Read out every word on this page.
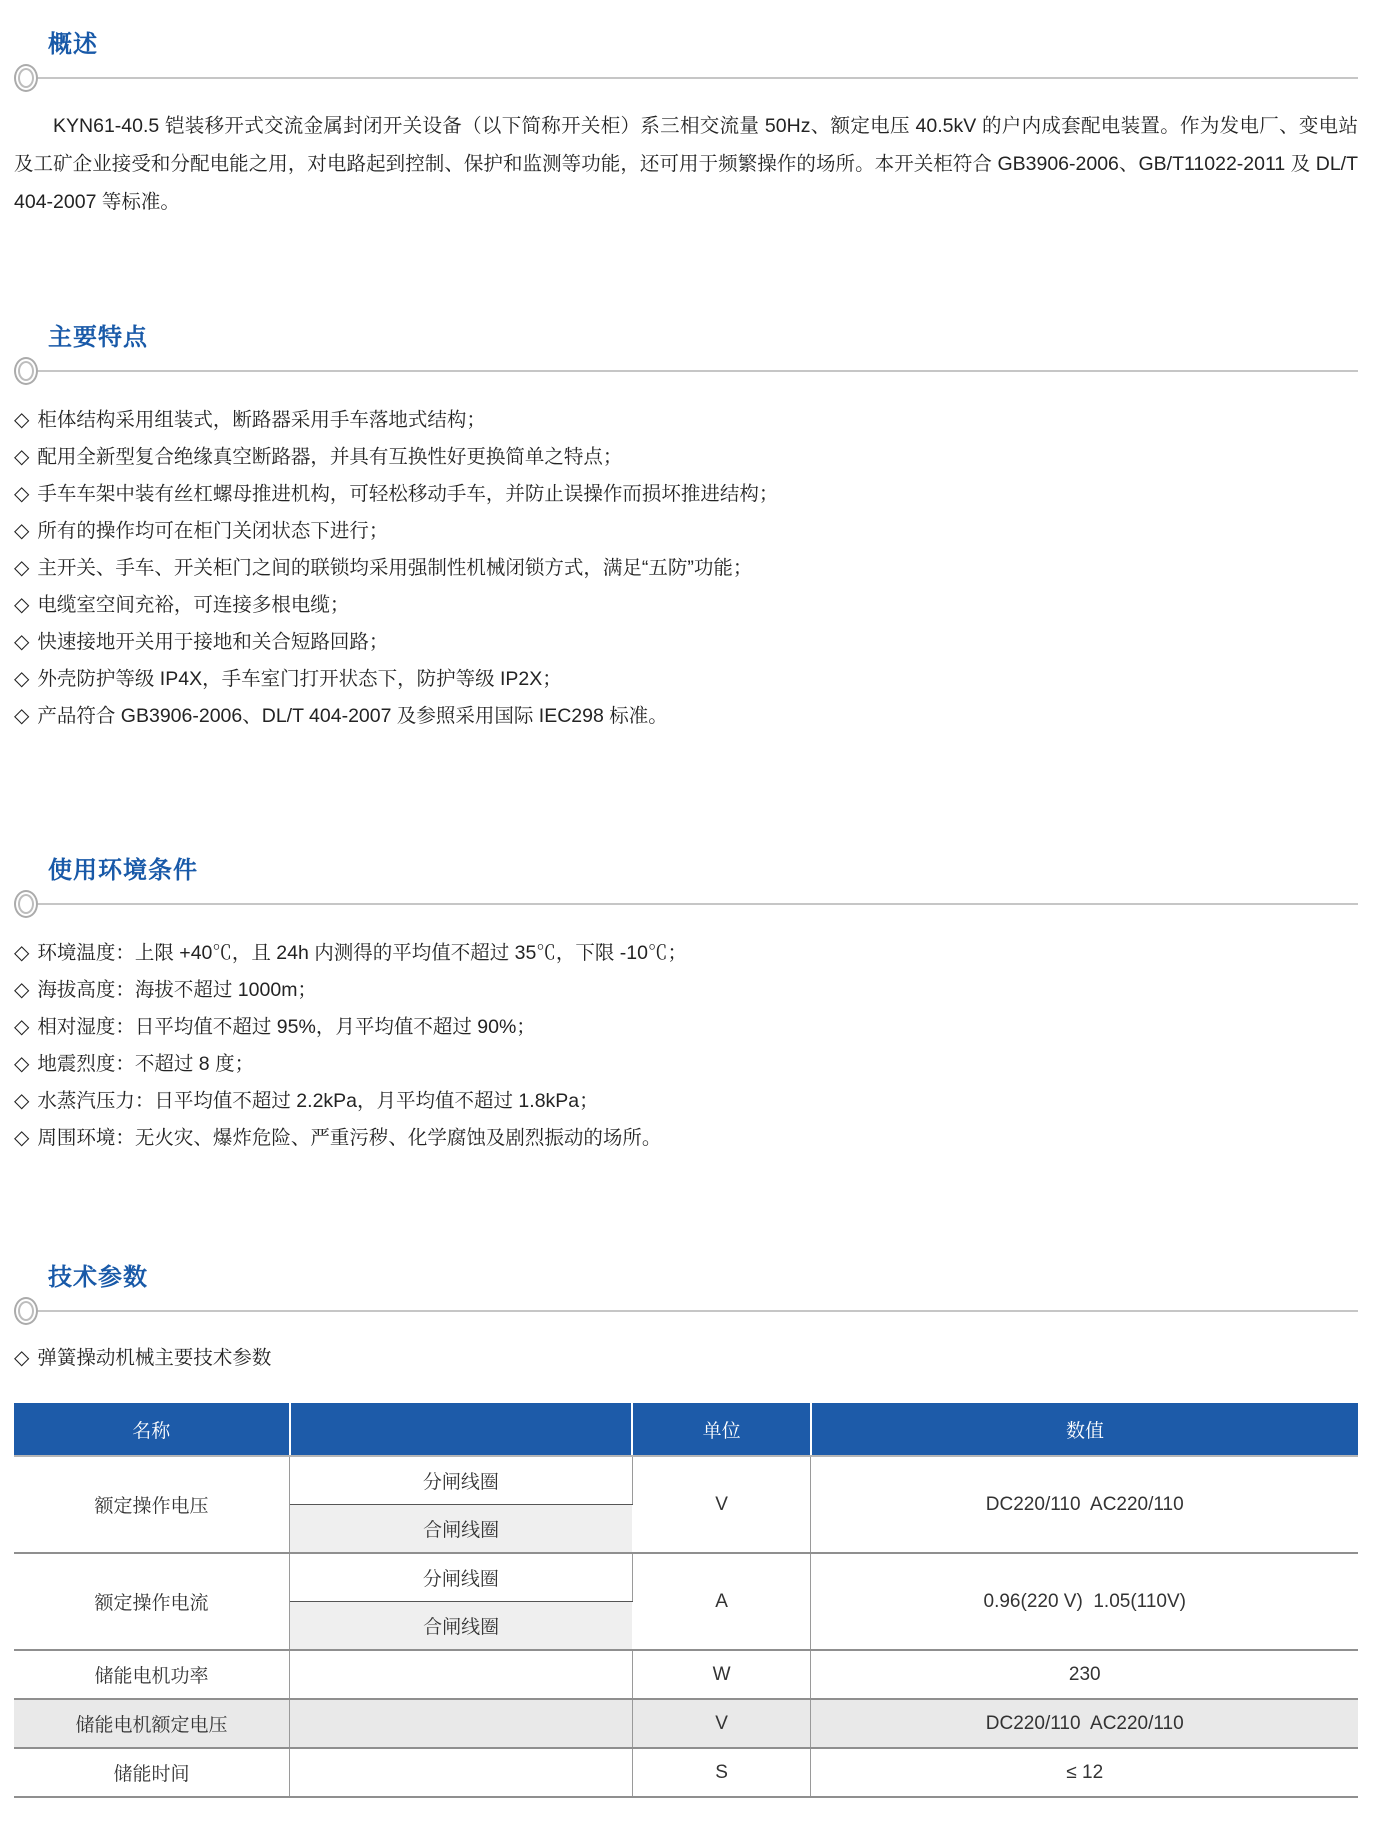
概述

KYN61-40.5 铠装移开式交流金属封闭开关设备（以下简称开关柜）系三相交流量 50Hz、额定电压 40.5kV 的户内成套配电装置。作为发电厂、变电站及工矿企业接受和分配电能之用，对电路起到控制、保护和监测等功能，还可用于频繁操作的场所。本开关柜符合 GB3906-2006、GB/T11022-2011 及 DL/T 404-2007 等标准。

主要特点
◇ 柜体结构采用组装式，断路器采用手车落地式结构；
◇ 配用全新型复合绝缘真空断路器，并具有互换性好更换简单之特点；
◇ 手车车架中装有丝杠螺母推进机构，可轻松移动手车，并防止误操作而损坏推进结构；
◇ 所有的操作均可在柜门关闭状态下进行；
◇ 主开关、手车、开关柜门之间的联锁均采用强制性机械闭锁方式，满足“五防”功能；
◇ 电缆室空间充裕，可连接多根电缆；
◇ 快速接地开关用于接地和关合短路回路；
◇ 外壳防护等级 IP4X，手车室门打开状态下，防护等级 IP2X；
◇ 产品符合 GB3906-2006、DL/T 404-2007 及参照采用国际 IEC298 标准。
使用环境条件
◇ 环境温度：上限 +40℃，且 24h 内测得的平均值不超过 35℃，下限 -10℃；
◇ 海拔高度：海拔不超过 1000m；
◇ 相对湿度：日平均值不超过 95%，月平均值不超过 90%；
◇ 地震烈度：不超过 8 度；
◇ 水蒸汽压力：日平均值不超过 2.2kPa，月平均值不超过 1.8kPa；
◇ 周围环境：无火灾、爆炸危险、严重污秽、化学腐蚀及剧烈振动的场所。
技术参数
◇ 弹簧操动机械主要技术参数
名称		单位	数值
额定操作电压	分闸线圈	V	DC220/110  AC220/110
	合闸线圈		
额定操作电流	分闸线圈	A	0.96(220 V)  1.05(110V)
	合闸线圈		
储能电机功率		W	230
储能电机额定电压		V	DC220/110  AC220/110
储能时间		S	≤ 12
